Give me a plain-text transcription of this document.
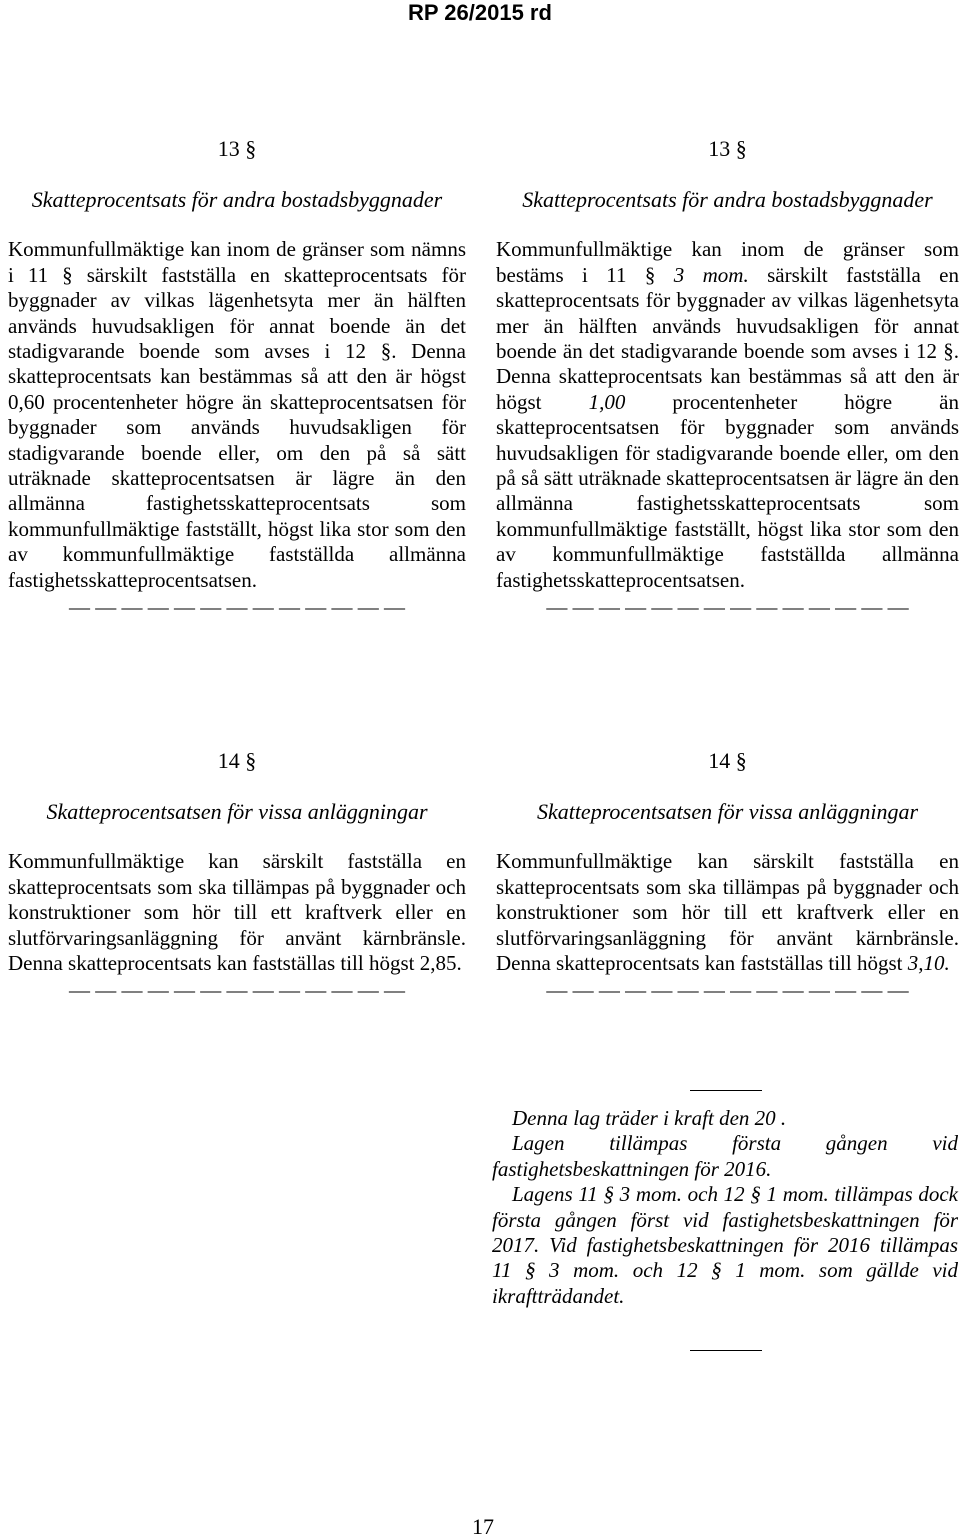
RP 26/2015 rd

13 §

Skatteprocentsats för andra bostadsbyggnader

Kommunfullmäktige kan inom de gränser som nämns i 11 § särskilt fastställa en skatteprocentsats för byggnader av vilkas lägenhetsyta mer än hälften används huvudsakligen för annat boende än det stadigvarande boende som avses i 12 §. Denna skatteprocentsats kan bestämmas så att den är högst 0,60 procentenheter högre än skatteprocentsatsen för byggnader som används huvudsakligen för stadigvarande boende eller, om den på så sätt uträknade skatteprocentsatsen är lägre än den allmänna fastighetsskatteprocentsats som kommunfullmäktige fastställt, högst lika stor som den av kommunfullmäktige fastställda allmänna fastighetsskatteprocentsatsen.

— — — — — — — — — — — — —

13 §

Skatteprocentsats för andra bostadsbyggnader

Kommunfullmäktige kan inom de gränser som bestäms i 11 § 3 mom. särskilt fastställa en skatteprocentsats för byggnader av vilkas lägenhetsyta mer än hälften används huvudsakligen för annat boende än det stadigvarande boende som avses i 12 §. Denna skatteprocentsats kan bestämmas så att den är högst 1,00 procentenheter högre än skatteprocentsatsen för byggnader som används huvudsakligen för stadigvarande boende eller, om den på så sätt uträknade skatteprocentsatsen är lägre än den allmänna fastighetsskatteprocentsats som kommunfullmäktige fastställt, högst lika stor som den av kommunfullmäktige fastställda allmänna fastighetsskatteprocentsatsen.

— — — — — — — — — — — — — —

14 §

Skatteprocentsatsen för vissa anläggningar

Kommunfullmäktige kan särskilt fastställa en skatteprocentsats som ska tillämpas på byggnader och konstruktioner som hör till ett kraftverk eller en slutförvaringsanläggning för använt kärnbränsle. Denna skatteprocentsats kan fastställas till högst 2,85.

— — — — — — — — — — — — —

14 §

Skatteprocentsatsen för vissa anläggningar

Kommunfullmäktige kan särskilt fastställa en skatteprocentsats som ska tillämpas på byggnader och konstruktioner som hör till ett kraftverk eller en slutförvaringsanläggning för använt kärnbränsle. Denna skatteprocentsats kan fastställas till högst 3,10.

— — — — — — — — — — — — — —

Denna lag träder i kraft den 20 .

Lagen tillämpas första gången vid fastighetsbeskattningen för 2016.

Lagens 11 § 3 mom. och 12 § 1 mom. tillämpas dock första gången först vid fastighetsbeskattningen för 2017. Vid fastighetsbeskattningen för 2016 tillämpas 11 § 3 mom. och 12 § 1 mom. som gällde vid ikraftträdandet.

17
